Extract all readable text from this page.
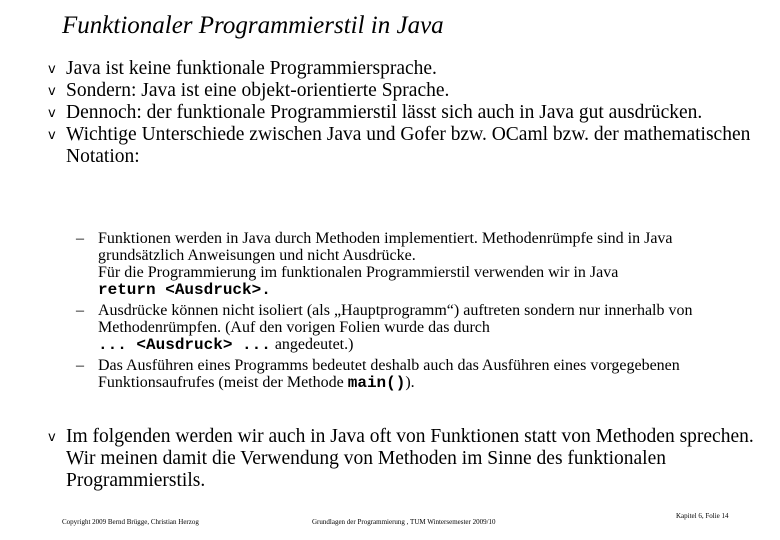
Funktionaler Programmierstil in Java
v Java ist keine funktionale Programmiersprache.
v Sondern: Java ist eine objekt-orientierte Sprache.
v Dennoch: der funktionale Programmierstil lässt sich auch in Java gut ausdrücken.
v Wichtige Unterschiede zwischen Java und Gofer bzw. OCaml bzw. der mathematischen Notation:
– Funktionen werden in Java durch Methoden implementiert. Methodenrümpfe sind in Java grundsätzlich Anweisungen und nicht Ausdrücke.
Für die Programmierung im funktionalen Programmierstil verwenden wir in Java
return <Ausdruck>.
– Ausdrücke können nicht isoliert (als „Hauptprogramm“) auftreten sondern nur innerhalb von Methodenrümpfen. (Auf den vorigen Folien wurde das durch
... <Ausdruck> ... angedeutet.)
– Das Ausführen eines Programms bedeutet deshalb auch das Ausführen eines vorgegebenen Funktionsaufrufes (meist der Methode main()).
v Im folgenden werden wir auch in Java oft von Funktionen statt von Methoden sprechen. Wir meinen damit die Verwendung von Methoden im Sinne des funktionalen Programmierstils.
Copyright 2009 Bernd Brügge, Christian Herzog	Grundlagen der Programmierung , TUM Wintersemester 2009/10
Kapitel 6, Folie 14
